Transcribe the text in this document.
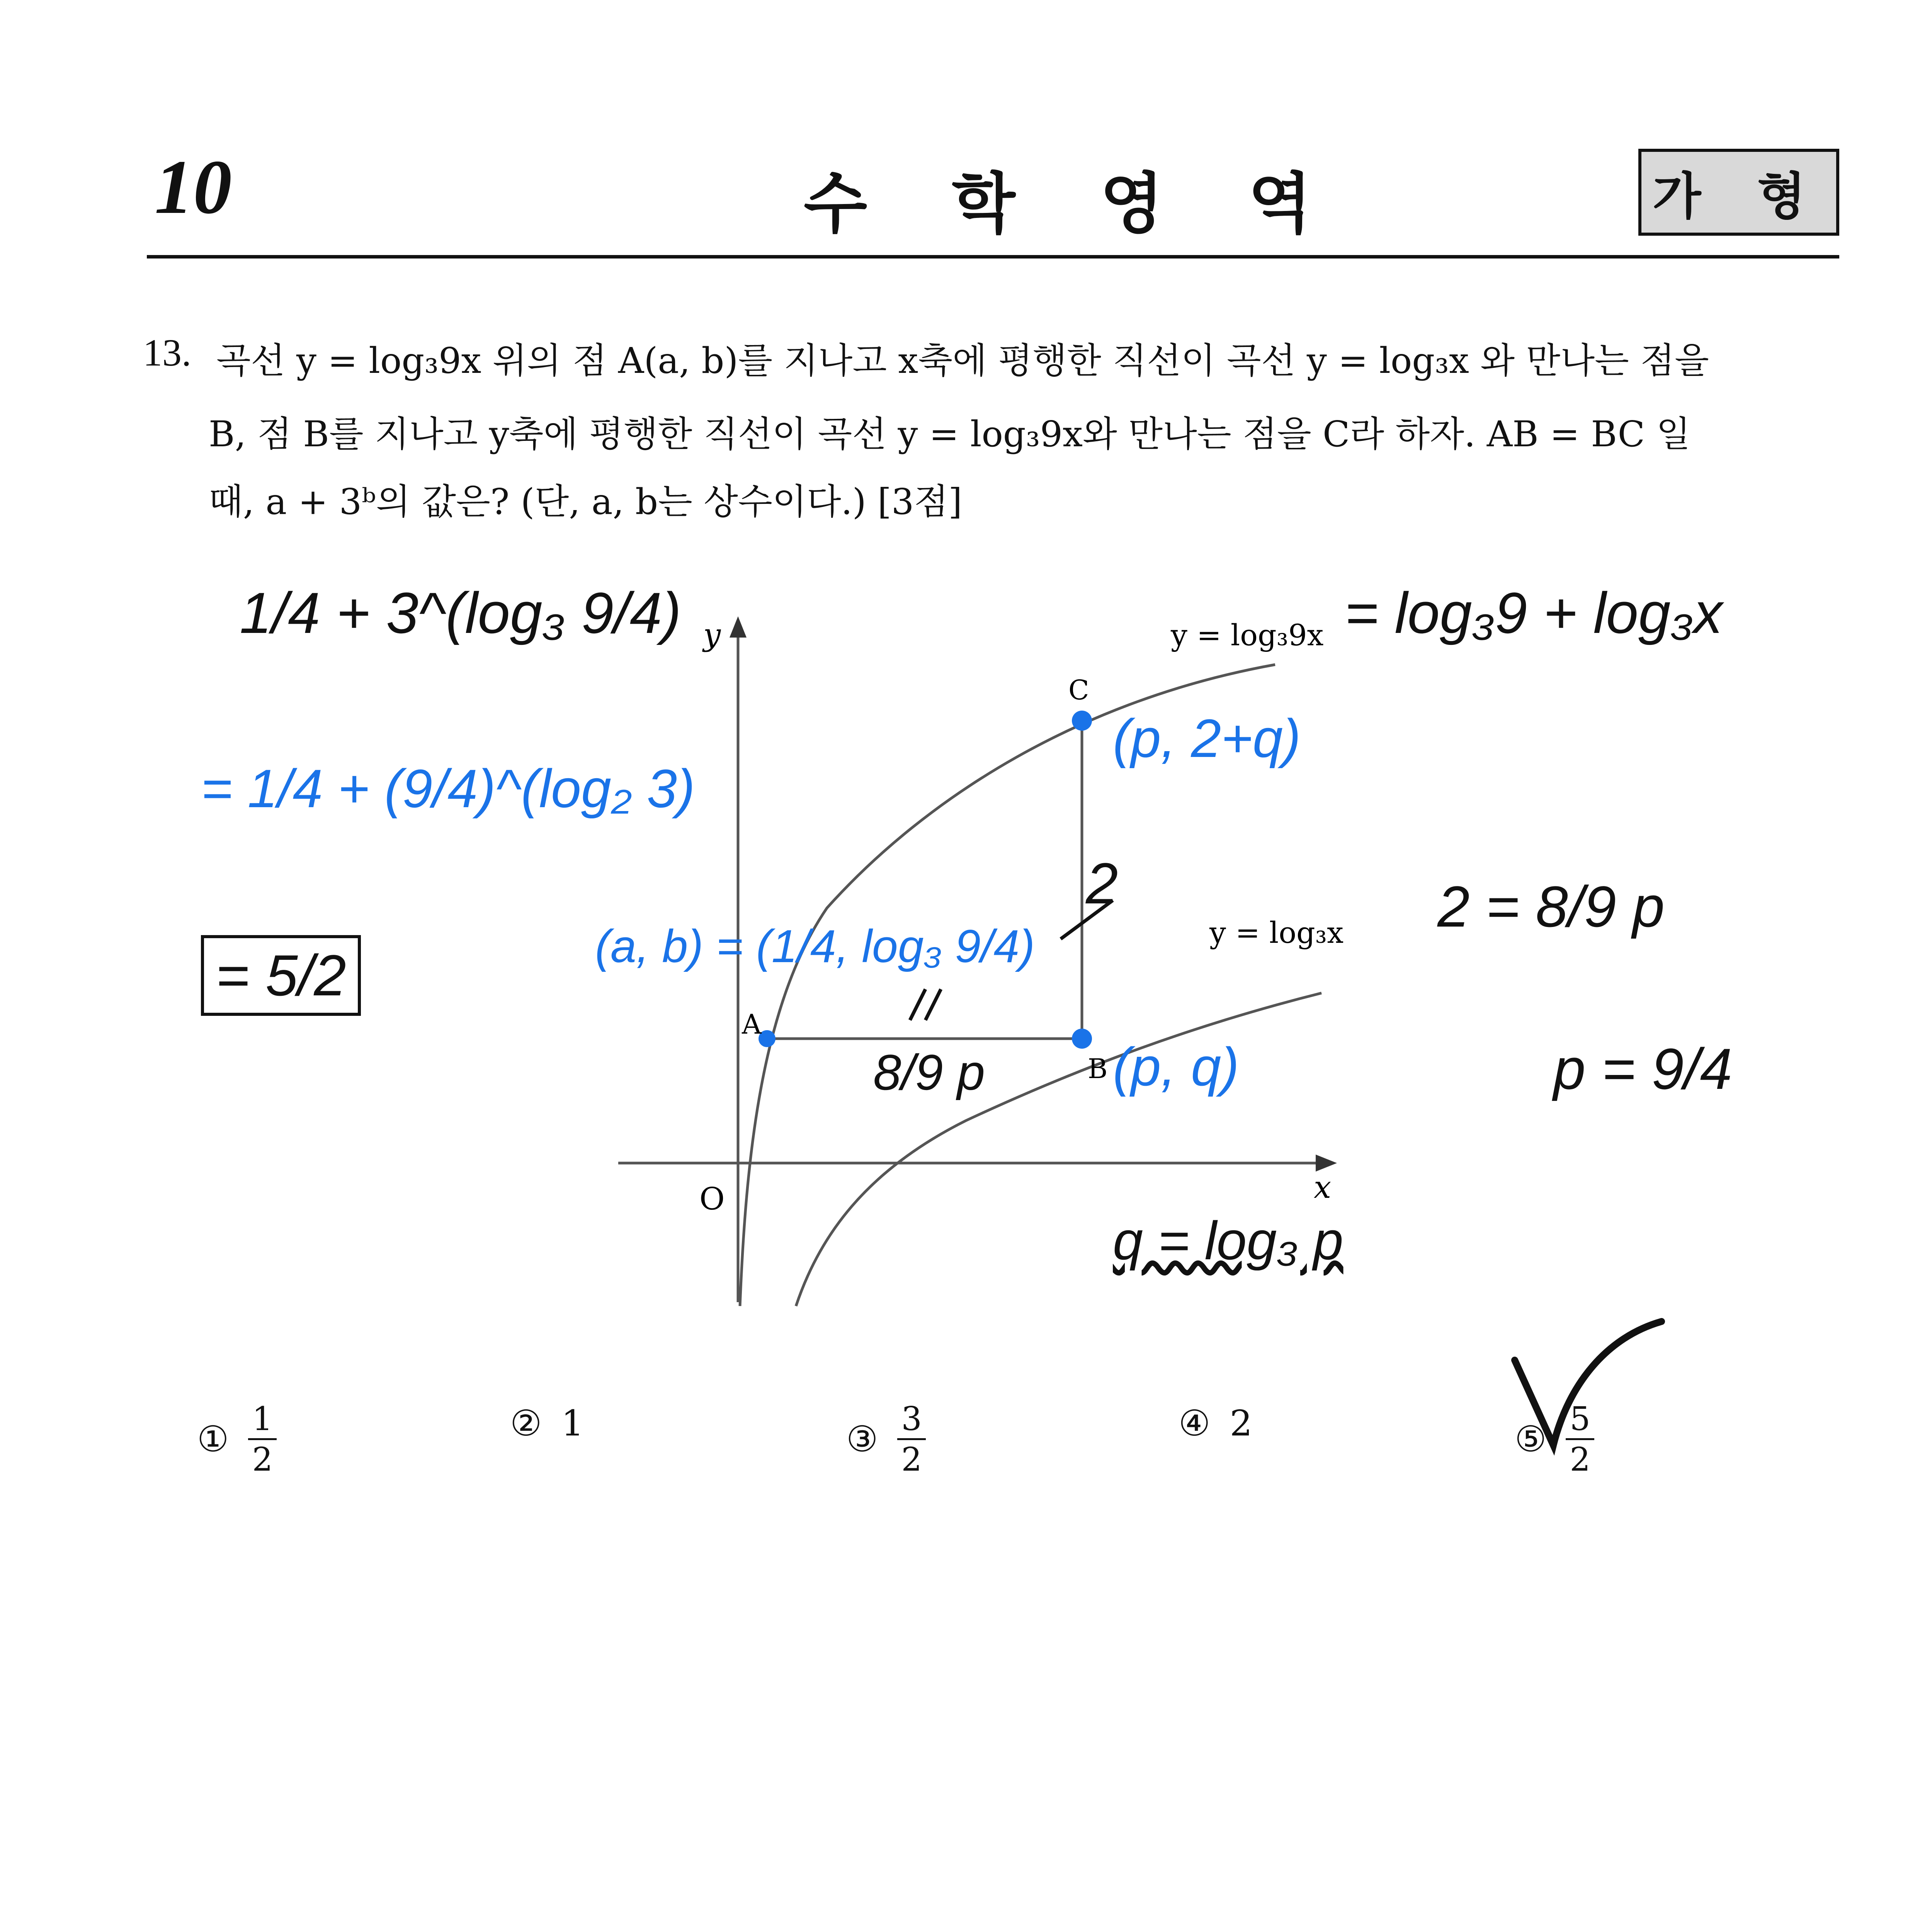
10	수 학 영 역	가 형
13. 곡선 y = log₃9x 위의 점 A(a, b)를 지나고 x축에 평행한 직선이 곡선 y = log₃x 와 만나는 점을
B, 점 B를 지나고 y축에 평행한 직선이 곡선 y = log₃9x와 만나는 점을 C라 하자. AB = BC 일
때, a + 3ᵇ의 값은? (단, a, b는 상수이다.) [3점]
y
x
O
A
B
C
y = log₃9x
y = log₃x
1/4 + 3^(log₃ 9/4)
= 1/4 + (9/4)^(log₂ 3)
= 5/2	(a, b) = (1/4, log₃ 9/4)
(p, 2+q)
(p, q)
8/9 p
2	2 = 8/9 p
p = 9/4
q = log₃ p
= log₃9 + log₃x
① $\frac{1}{2}$	② 1	③ $\frac{3}{2}$	④ 2	⑤ $\frac{5}{2}$
